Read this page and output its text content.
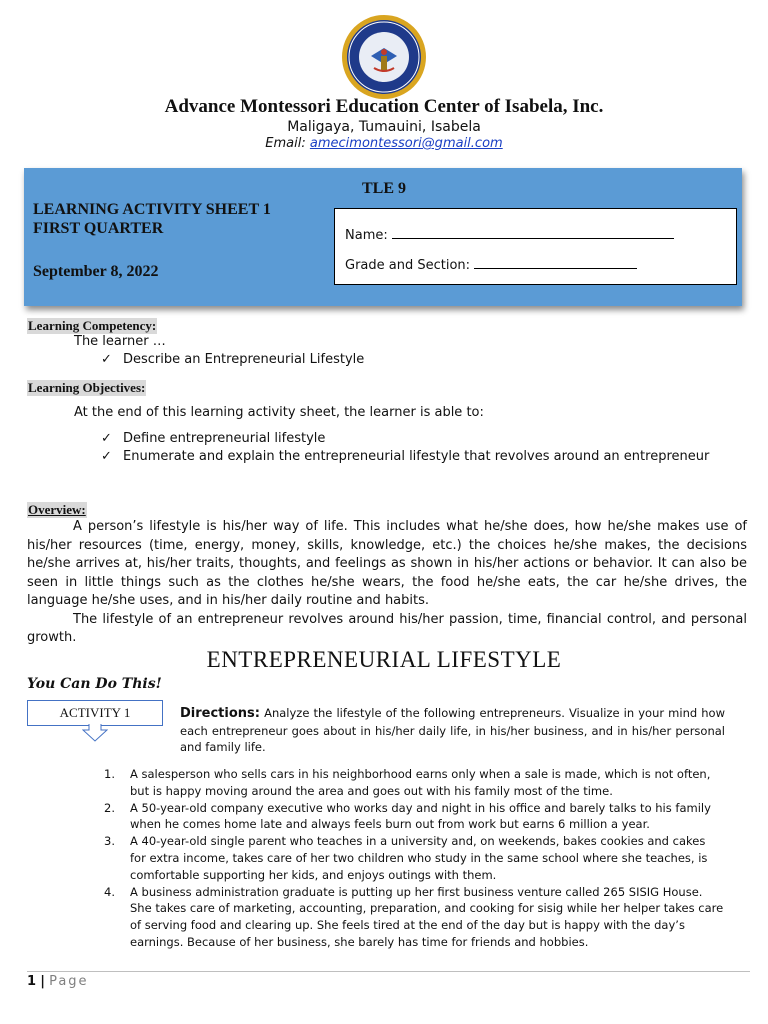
Advance Montessori Education Center of Isabela, Inc.
Maligaya, Tumauini, Isabela
Email: amecimontessori@gmail.com
TLE 9
LEARNING ACTIVITY SHEET 1
FIRST QUARTER
September 8, 2022
Name:
Grade and Section:
Learning Competency:
The learner …
✓ Describe an Entrepreneurial Lifestyle
Learning Objectives:
At the end of this learning activity sheet, the learner is able to:
✓ Define entrepreneurial lifestyle
✓ Enumerate and explain the entrepreneurial lifestyle that revolves around an entrepreneur
Overview:

A person’s lifestyle is his/her way of life. This includes what he/she does, how he/she makes use of his/her resources (time, energy, money, skills, knowledge, etc.) the choices he/she makes, the decisions he/she arrives at, his/her traits, thoughts, and feelings as shown in his/her actions or behavior. It can also be seen in little things such as the clothes he/she wears, the food he/she eats, the car he/she drives, the language he/she uses, and in his/her daily routine and habits.

The lifestyle of an entrepreneur revolves around his/her passion, time, financial control, and personal growth.

ENTREPRENEURIAL LIFESTYLE
You Can Do This!
ACTIVITY 1	Directions: Analyze the lifestyle of the following entrepreneurs. Visualize in your mind how each entrepreneur goes about in his/her daily life, in his/her business, and in his/her personal and family life.
1. A salesperson who sells cars in his neighborhood earns only when a sale is made, which is not often, but is happy moving around the area and goes out with his family most of the time.
2. A 50-year-old company executive who works day and night in his office and barely talks to his family when he comes home late and always feels burn out from work but earns 6 million a year.
3. A 40-year-old single parent who teaches in a university and, on weekends, bakes cookies and cakes for extra income, takes care of her two children who study in the same school where she teaches, is comfortable supporting her kids, and enjoys outings with them.
4. A business administration graduate is putting up her first business venture called 265 SISIG House. She takes care of marketing, accounting, preparation, and cooking for sisig while her helper takes care of serving food and clearing up. She feels tired at the end of the day but is happy with the day’s earnings. Because of her business, she barely has time for friends and hobbies.
1 | Page
